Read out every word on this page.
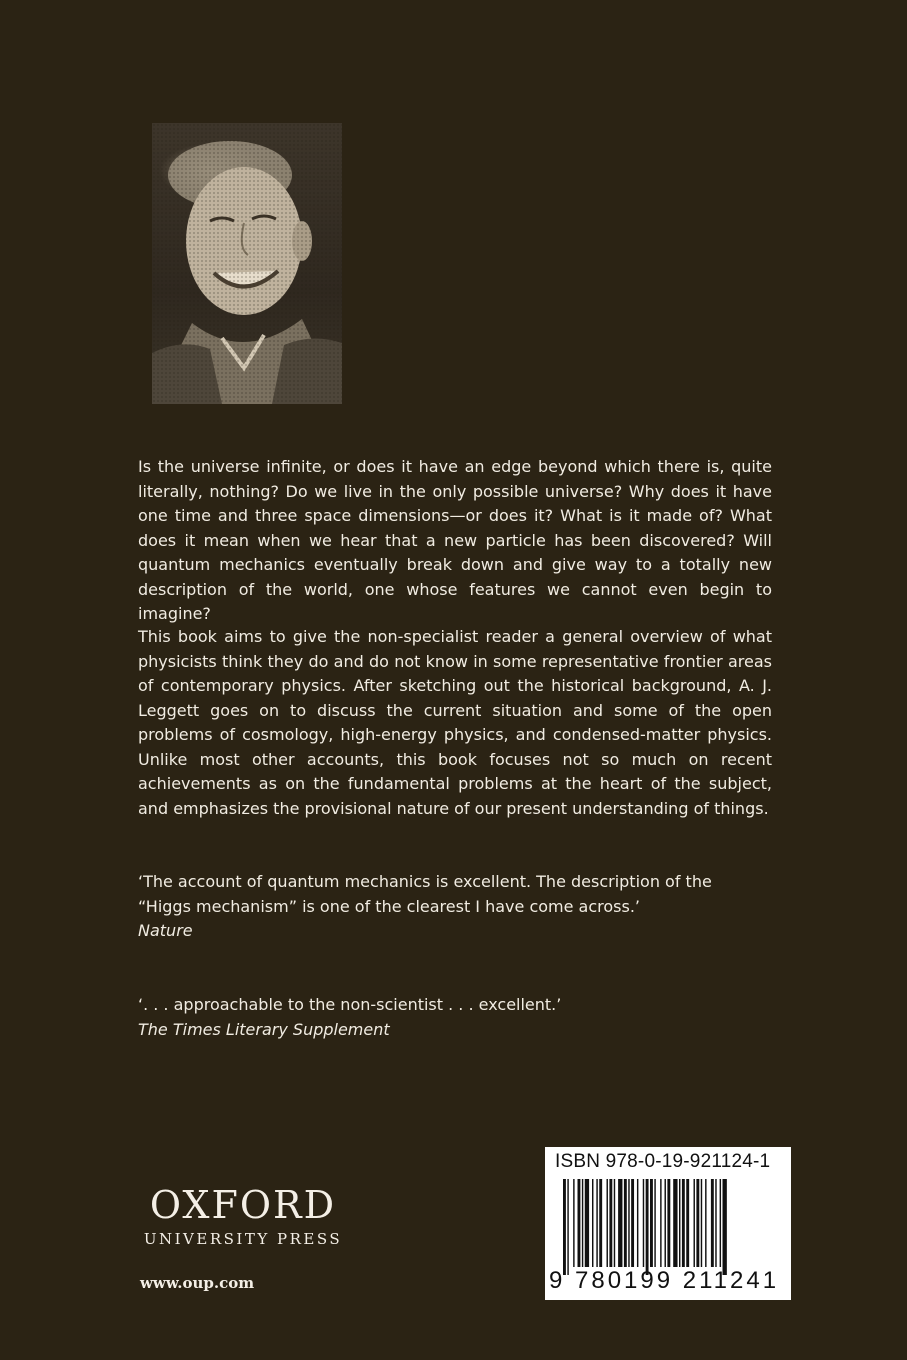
Is the universe infinite, or does it have an edge beyond which there is, quite literally, nothing? Do we live in the only possible universe? Why does it have one time and three space dimensions—or does it? What is it made of? What does it mean when we hear that a new particle has been discovered? Will quantum mechanics eventually break down and give way to a totally new description of the world, one whose features we cannot even begin to imagine?

This book aims to give the non-specialist reader a general overview of what physicists think they do and do not know in some representative frontier areas of contemporary physics. After sketching out the historical background, A. J. Leggett goes on to discuss the current situation and some of the open problems of cosmology, high-energy physics, and condensed-matter physics. Unlike most other accounts, this book focuses not so much on recent achievements as on the fundamental problems at the heart of the subject, and emphasizes the provisional nature of our present understanding of things.

‘The account of quantum mechanics is excellent. The description of the
“Higgs mechanism” is one of the clearest I have come across.’
Nature
‘. . . approachable to the non-scientist . . . excellent.’
The Times Literary Supplement
OXFORD
UNIVERSITY PRESS
www.oup.com
ISBN 978-0-19-921124-1
9 780199 211241
